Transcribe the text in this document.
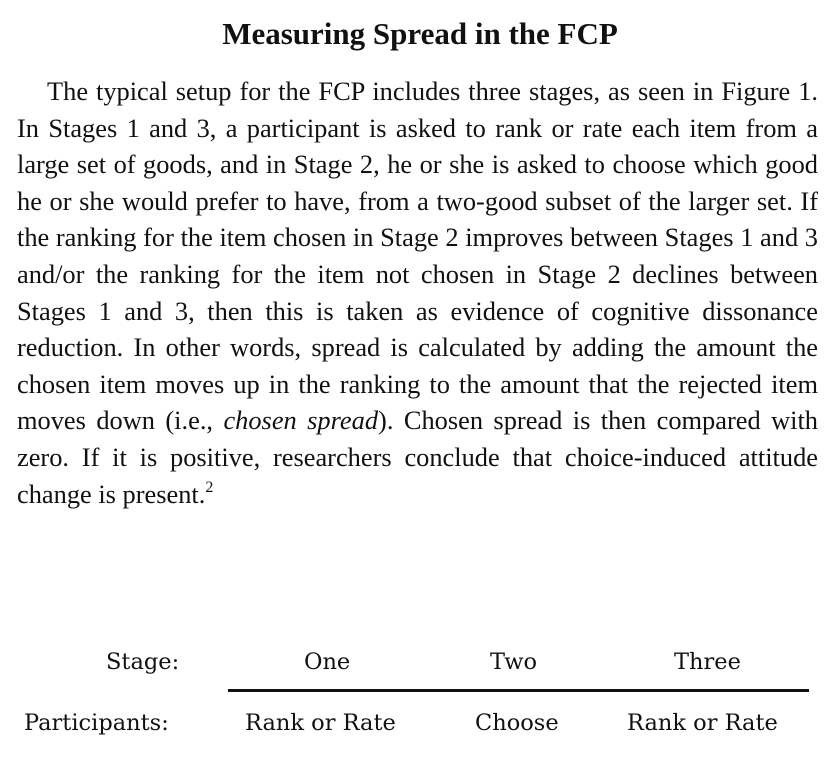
Measuring Spread in the FCP

The typical setup for the FCP includes three stages, as seen in Figure 1. In Stages 1 and 3, a participant is asked to rank or rate each item from a large set of goods, and in Stage 2, he or she is asked to choose which good he or she would prefer to have, from a two-good subset of the larger set. If the ranking for the item chosen in Stage 2 improves between Stages 1 and 3 and/or the ranking for the item not chosen in Stage 2 declines between Stages 1 and 3, then this is taken as evidence of cognitive dissonance reduction. In other words, spread is calculated by adding the amount the chosen item moves up in the ranking to the amount that the rejected item moves down (i.e., chosen spread). Chosen spread is then compared with zero. If it is positive, researchers conclude that choice-induced attitude change is present.$^2$

Stage:	One	Two	Three
Participants:	Rank or Rate	Choose	Rank or Rate
